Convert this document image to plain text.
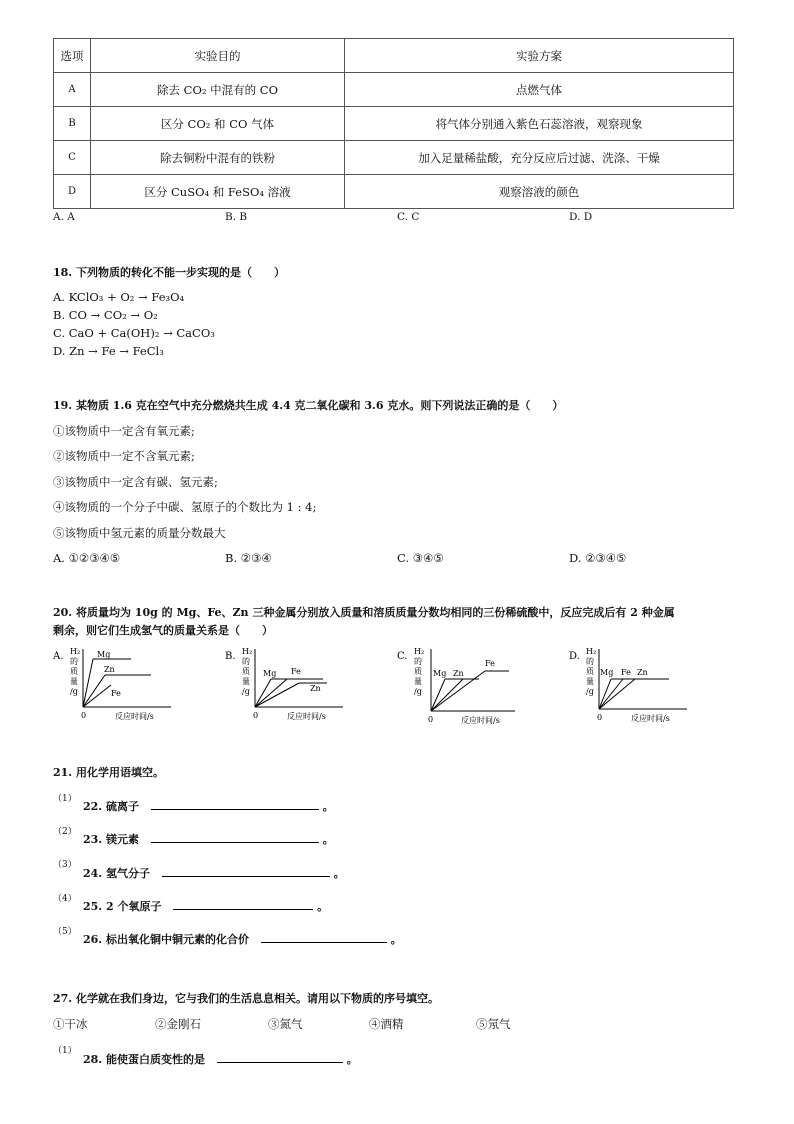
选项	实验目的	实验方案
A	除去 CO₂ 中混有的 CO	点燃气体
B	区分 CO₂ 和 CO 气体	将气体分别通入紫色石蕊溶液，观察现象
C	除去铜粉中混有的铁粉	加入足量稀盐酸，充分反应后过滤、洗涤、干燥
D	区分 CuSO₄ 和 FeSO₄ 溶液	观察溶液的颜色
A. A	B. B	C. C	D. D
18. 下列物质的转化不能一步实现的是（　　）
A. KClO₃ + O₂ → Fe₃O₄
B. CO → CO₂ → O₂
C. CaO + Ca(OH)₂ → CaCO₃
D. Zn → Fe → FeCl₃
19. 某物质 1.6 克在空气中充分燃烧共生成 4.4 克二氧化碳和 3.6 克水。则下列说法正确的是（　　）
①该物质中一定含有氧元素;
②该物质中一定不含氧元素;
③该物质中一定含有碳、氢元素;
④该物质的一个分子中碳、氢原子的个数比为 1 : 4;
⑤该物质中氢元素的质量分数最大
A. ①②③④⑤	B. ②③④	C. ③④⑤	D. ②③④⑤
20. 将质量均为 10g 的 Mg、Fe、Zn 三种金属分别放入质量和溶质质量分数均相同的三份稀硫酸中，反应完成后有 2 种金属
剩余，则它们生成氢气的质量关系是（　　）
A. H₂
的
质
量
/g
Mg
Zn
Fe
0	反应时间/s
B. H₂
的
质
量
/g
Mg Fe
Zn
0	反应时间/s
C. H₂
的
质
量
/g
Mg Zn
Fe
0	反应时间/s
D. H₂
的
质
量
/g
Mg Fe Zn
0	反应时间/s
21. 用化学用语填空。
（1）
22. 硫离子	。
（2）
23. 镁元素	。
（3）
24. 氢气分子	。
（4）
25. 2 个氧原子	。
（5）
26. 标出氧化铜中铜元素的化合价	。
27. 化学就在我们身边，它与我们的生活息息相关。请用以下物质的序号填空。
①干冰	②金刚石	③氮气	④酒精	⑤氖气
（1）
28. 能使蛋白质变性的是	。
